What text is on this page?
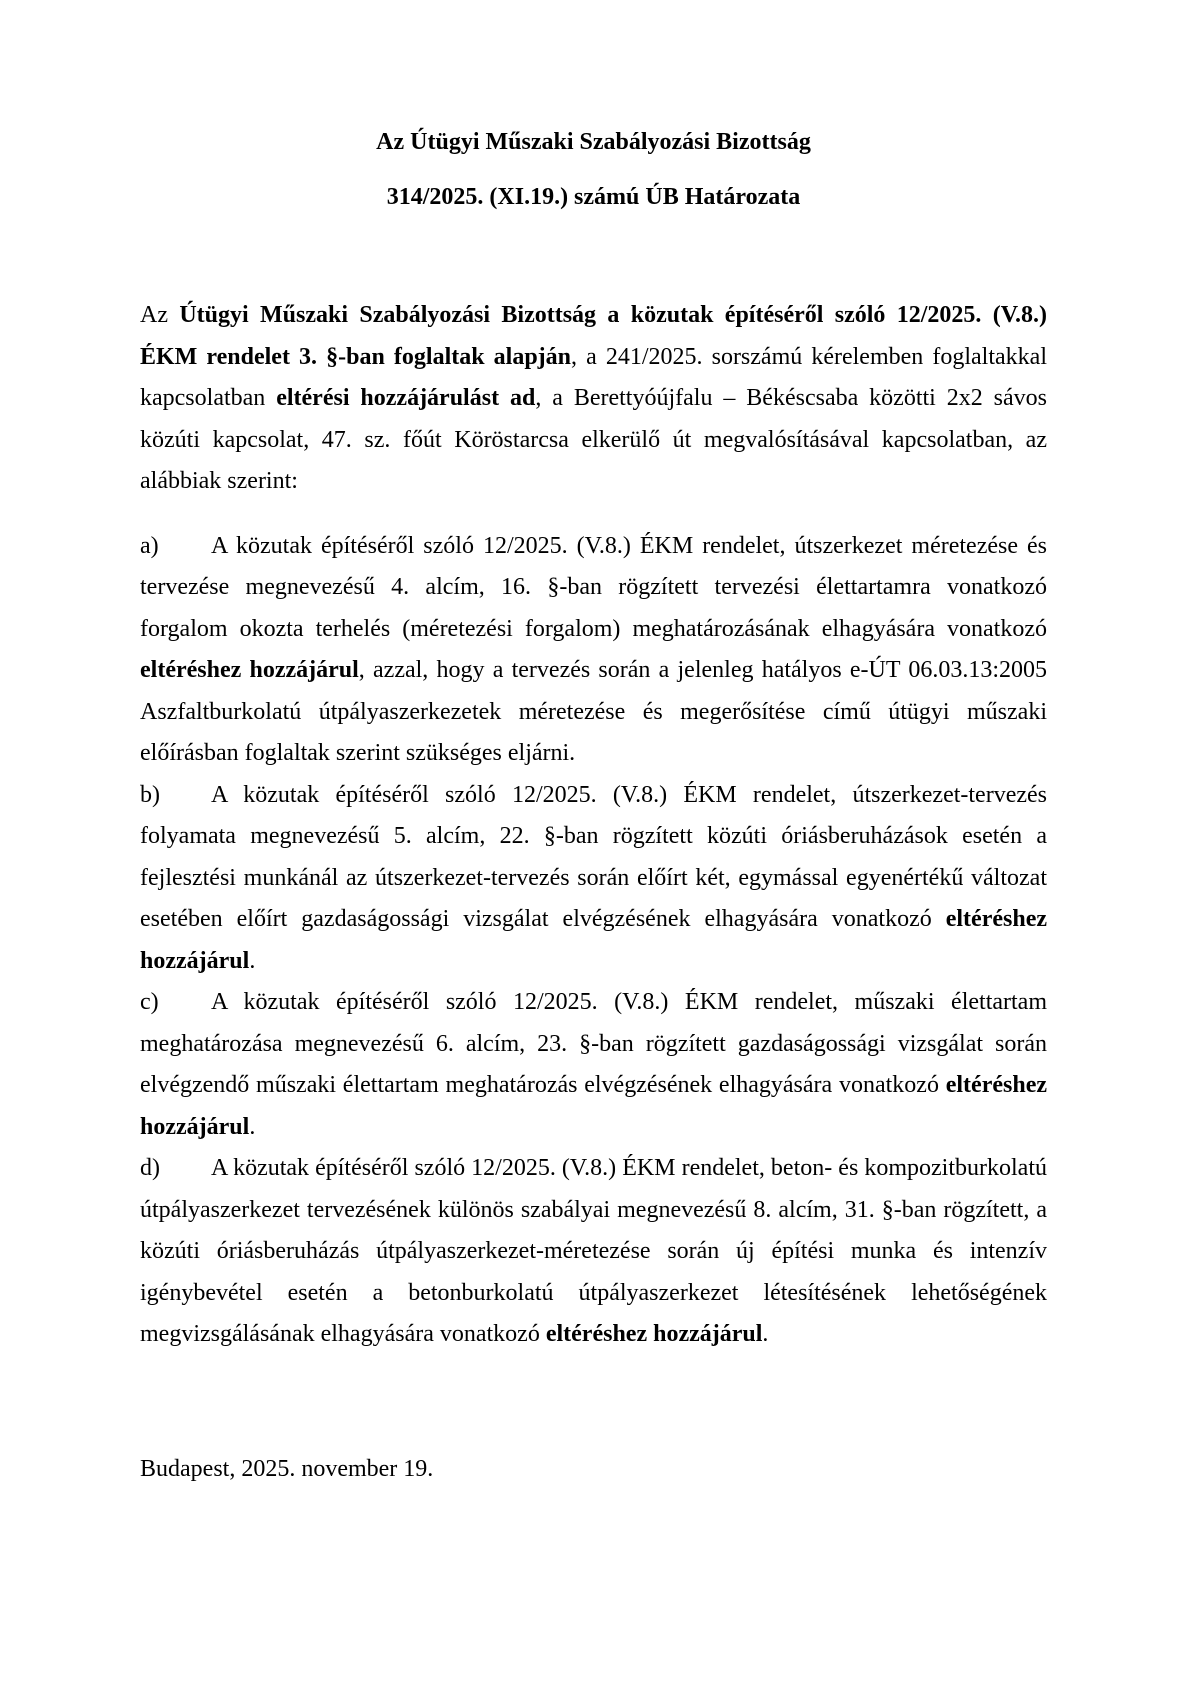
Az Útügyi Műszaki Szabályozási Bizottság

314/2025. (XI.19.) számú ÚB Határozata

Az Útügyi Műszaki Szabályozási Bizottság a közutak építéséről szóló 12/2025. (V.8.) ÉKM rendelet 3. §-ban foglaltak alapján, a 241/2025. sorszámú kérelemben foglaltakkal kapcsolatban eltérési hozzájárulást ad, a Berettyóújfalu – Békéscsaba közötti 2x2 sávos közúti kapcsolat, 47. sz. főút Köröstarcsa elkerülő út megvalósításával kapcsolatban, az alábbiak szerint:

a) A közutak építéséről szóló 12/2025. (V.8.) ÉKM rendelet, útszerkezet méretezése és tervezése megnevezésű 4. alcím, 16. §-ban rögzített tervezési élettartamra vonatkozó forgalom okozta terhelés (méretezési forgalom) meghatározásának elhagyására vonatkozó eltéréshez hozzájárul, azzal, hogy a tervezés során a jelenleg hatályos e-ÚT 06.03.13:2005 Aszfaltburkolatú útpályaszerkezetek méretezése és megerősítése című útügyi műszaki előírásban foglaltak szerint szükséges eljárni.

b) A közutak építéséről szóló 12/2025. (V.8.) ÉKM rendelet, útszerkezet-tervezés folyamata megnevezésű 5. alcím, 22. §-ban rögzített közúti óriásberuházások esetén a fejlesztési munkánál az útszerkezet-tervezés során előírt két, egymással egyenértékű változat esetében előírt gazdaságossági vizsgálat elvégzésének elhagyására vonatkozó eltéréshez hozzájárul.

c) A közutak építéséről szóló 12/2025. (V.8.) ÉKM rendelet, műszaki élettartam meghatározása megnevezésű 6. alcím, 23. §-ban rögzített gazdaságossági vizsgálat során elvégzendő műszaki élettartam meghatározás elvégzésének elhagyására vonatkozó eltéréshez hozzájárul.

d) A közutak építéséről szóló 12/2025. (V.8.) ÉKM rendelet, beton- és kompozitburkolatú útpályaszerkezet tervezésének különös szabályai megnevezésű 8. alcím, 31. §-ban rögzített, a közúti óriásberuházás útpályaszerkezet-méretezése során új építési munka és intenzív igénybevétel esetén a betonburkolatú útpályaszerkezet létesítésének lehetőségének megvizsgálásának elhagyására vonatkozó eltéréshez hozzájárul.

Budapest, 2025. november 19.
